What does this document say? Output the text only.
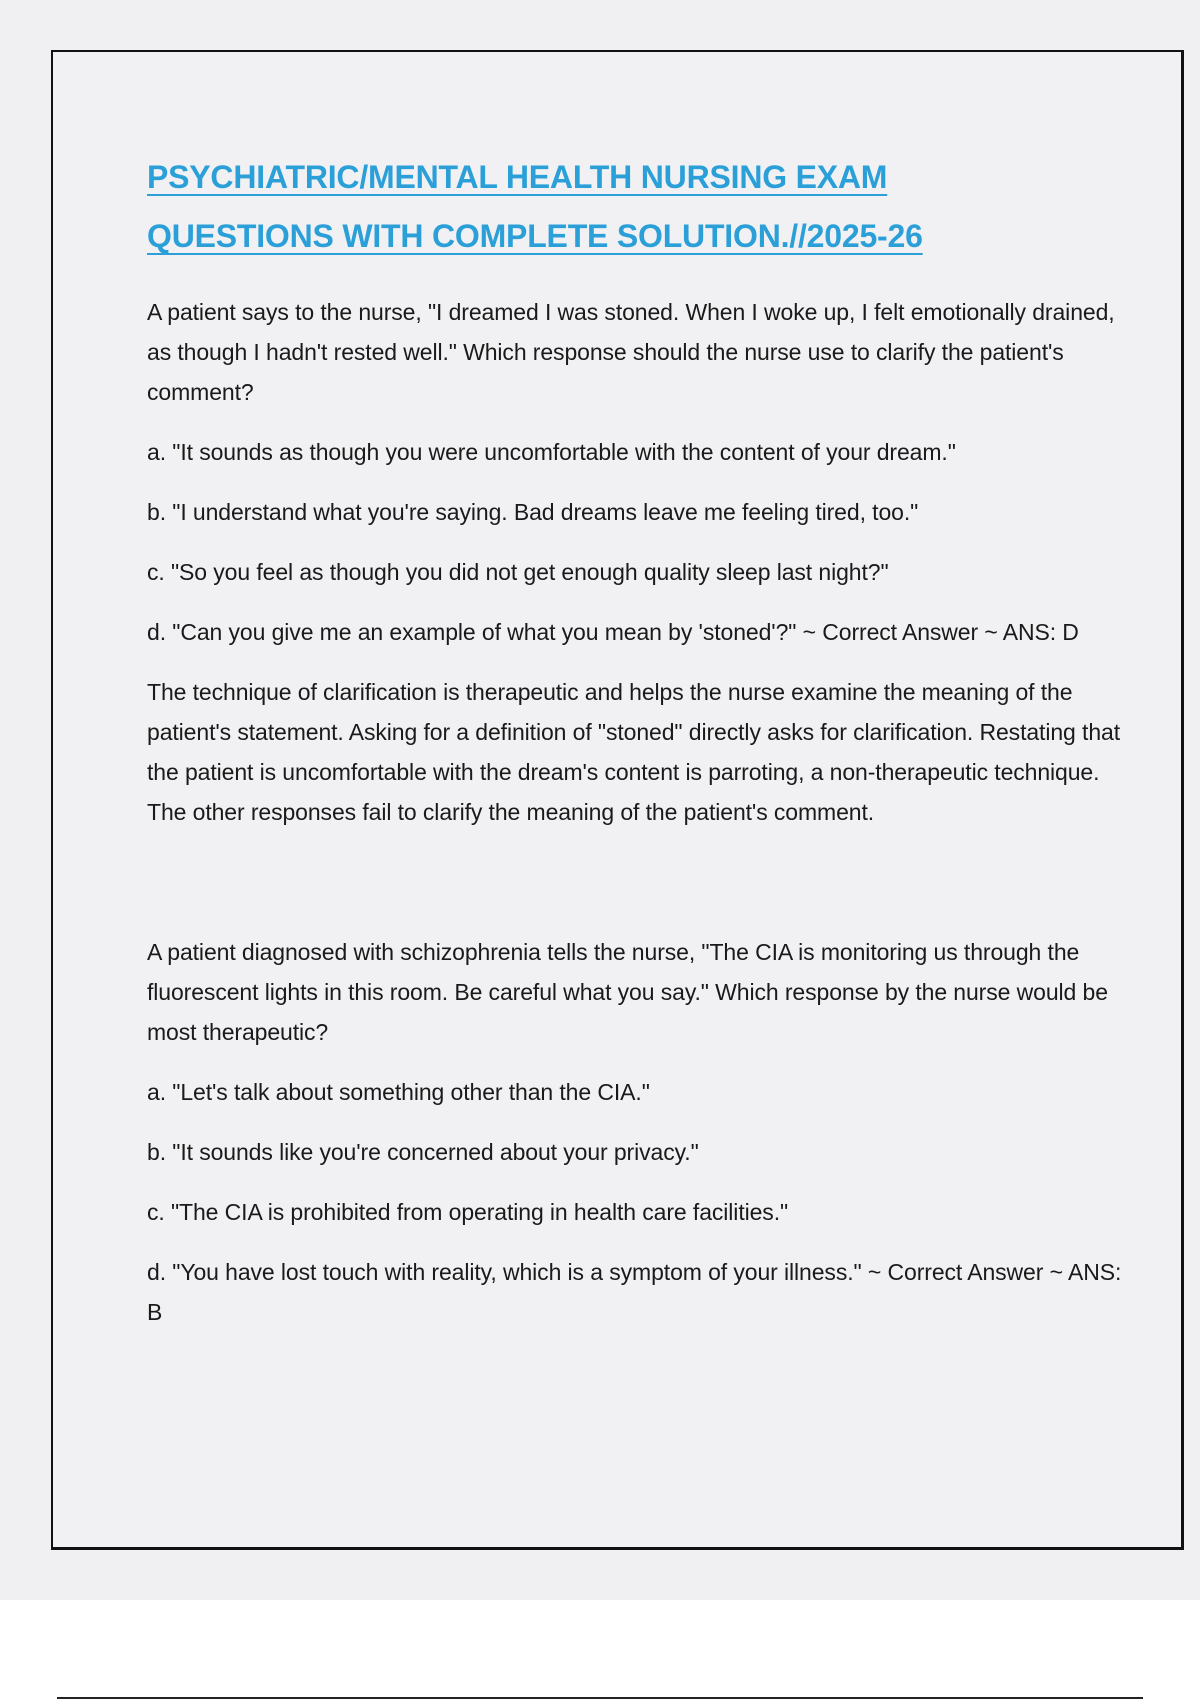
PSYCHIATRIC/MENTAL HEALTH NURSING EXAM
QUESTIONS WITH COMPLETE SOLUTION.//2025-26

A patient says to the nurse, "I dreamed I was stoned. When I woke up, I felt emotionally drained, as though I hadn't rested well." Which response should the nurse use to clarify the patient's comment?

a. "It sounds as though you were uncomfortable with the content of your dream."

b. "I understand what you're saying. Bad dreams leave me feeling tired, too."

c. "So you feel as though you did not get enough quality sleep last night?"

d. "Can you give me an example of what you mean by 'stoned'?" ~ Correct Answer ~ ANS: D

The technique of clarification is therapeutic and helps the nurse examine the meaning of the patient's statement. Asking for a definition of "stoned" directly asks for clarification. Restating that the patient is uncomfortable with the dream's content is parroting, a non-therapeutic technique. The other responses fail to clarify the meaning of the patient's comment.

A patient diagnosed with schizophrenia tells the nurse, "The CIA is monitoring us through the fluorescent lights in this room. Be careful what you say." Which response by the nurse would be most therapeutic?

a. "Let's talk about something other than the CIA."

b. "It sounds like you're concerned about your privacy."

c. "The CIA is prohibited from operating in health care facilities."

d. "You have lost touch with reality, which is a symptom of your illness." ~ Correct Answer ~ ANS: B
